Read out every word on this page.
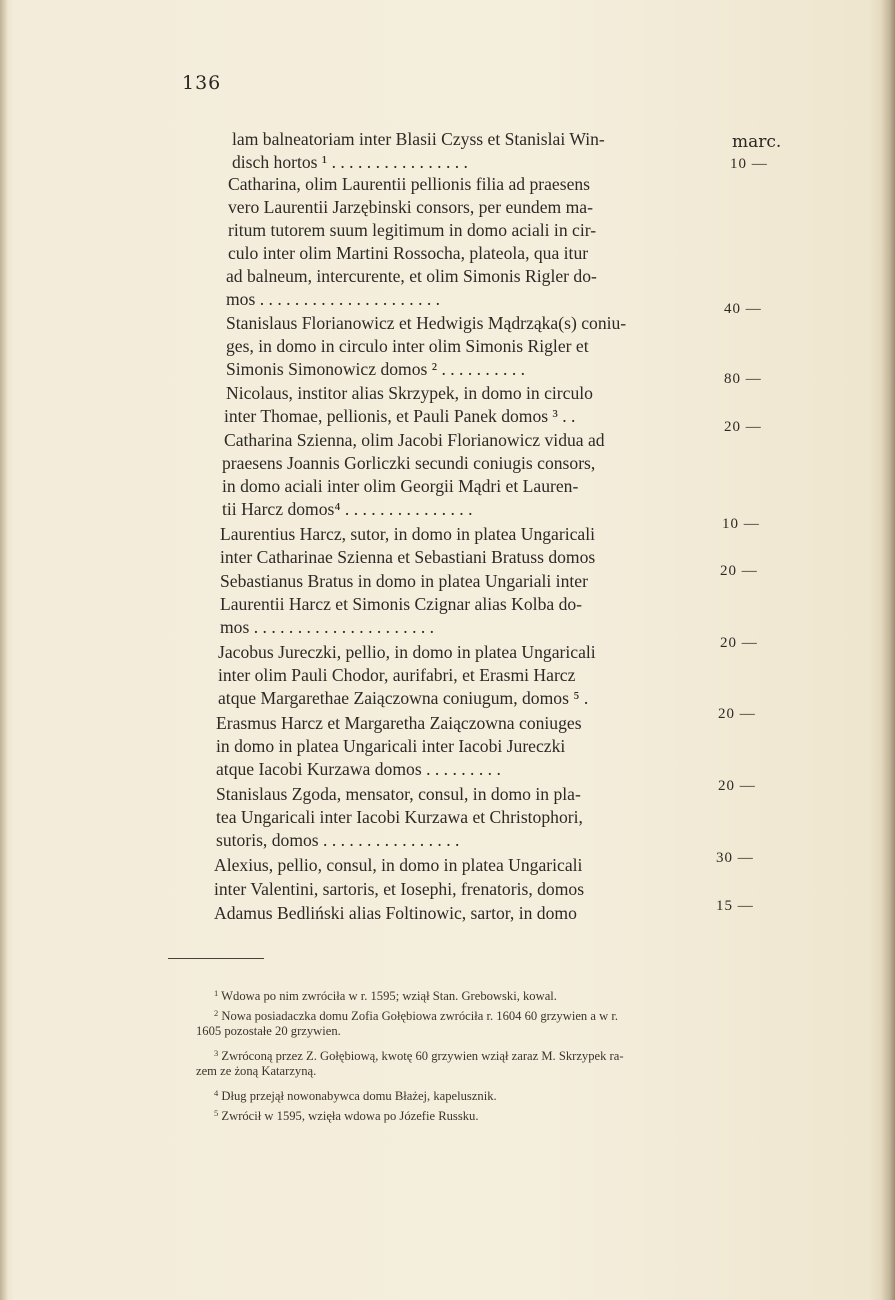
136
marc.
lam balneatoriam inter Blasii Czyss et Stanislai Win-
disch hortos ¹ . . . . . . . . . . . . . . . .
Catharina, olim Laurentii pellionis filia ad praesens
vero Laurentii Jarzębinski consors, per eundem ma-
ritum tutorem suum legitimum in domo aciali in cir-
culo inter olim Martini Rossocha, plateola, qua itur
ad balneum, intercurente, et olim Simonis Rigler do-
mos . . . . . . . . . . . . . . . . . . . . .
Stanislaus Florianowicz et Hedwigis Mądrząka(s) coniu-
ges, in domo in circulo inter olim Simonis Rigler et
Simonis Simonowicz domos ² . . . . . . . . . .
Nicolaus, institor alias Skrzypek, in domo in circulo
inter Thomae, pellionis, et Pauli Panek domos ³ . .
Catharina Szienna, olim Jacobi Florianowicz vidua ad
praesens Joannis Gorliczki secundi coniugis consors,
in domo aciali inter olim Georgii Mądri et Lauren-
tii Harcz domos⁴ . . . . . . . . . . . . . . .
Laurentius Harcz, sutor, in domo in platea Ungaricali
inter Catharinae Szienna et Sebastiani Bratuss domos
Sebastianus Bratus in domo in platea Ungariali inter
Laurentii Harcz et Simonis Czignar alias Kolba do-
mos . . . . . . . . . . . . . . . . . . . . .
Jacobus Jureczki, pellio, in domo in platea Ungaricali
inter olim Pauli Chodor, aurifabri, et Erasmi Harcz
atque Margarethae Zaiączowna coniugum, domos ⁵ .
Erasmus Harcz et Margaretha Zaiączowna coniuges
in domo in platea Ungaricali inter Iacobi Jureczki
atque Iacobi Kurzawa domos . . . . . . . . .
Stanislaus Zgoda, mensator, consul, in domo in pla-
tea Ungaricali inter Iacobi Kurzawa et Christophori,
sutoris, domos . . . . . . . . . . . . . . . .
Alexius, pellio, consul, in domo in platea Ungaricali
inter Valentini, sartoris, et Iosephi, frenatoris, domos
Adamus Bedliński alias Foltinowic, sartor, in domo
10 —
40 —
80 —
20 —
10 —
20 —
20 —
20 —
20 —
30 —
15 —
$^1$ Wdowa po nim zwróciła w r. 1595; wziął Stan. Grebowski, kowal.
$^2$ Nowa posiadaczka domu Zofia Gołębiowa zwróciła r. 1604 60 grzywien a w r.
1605 pozostałe 20 grzywien.
$^3$ Zwróconą przez Z. Gołębiową, kwotę 60 grzywien wziął zaraz M. Skrzypek ra-
zem ze żoną Katarzyną.
$^4$ Dług przejął nowonabywca domu Błażej, kapelusznik.
$^5$ Zwrócił w 1595, wzięła wdowa po Józefie Russku.
